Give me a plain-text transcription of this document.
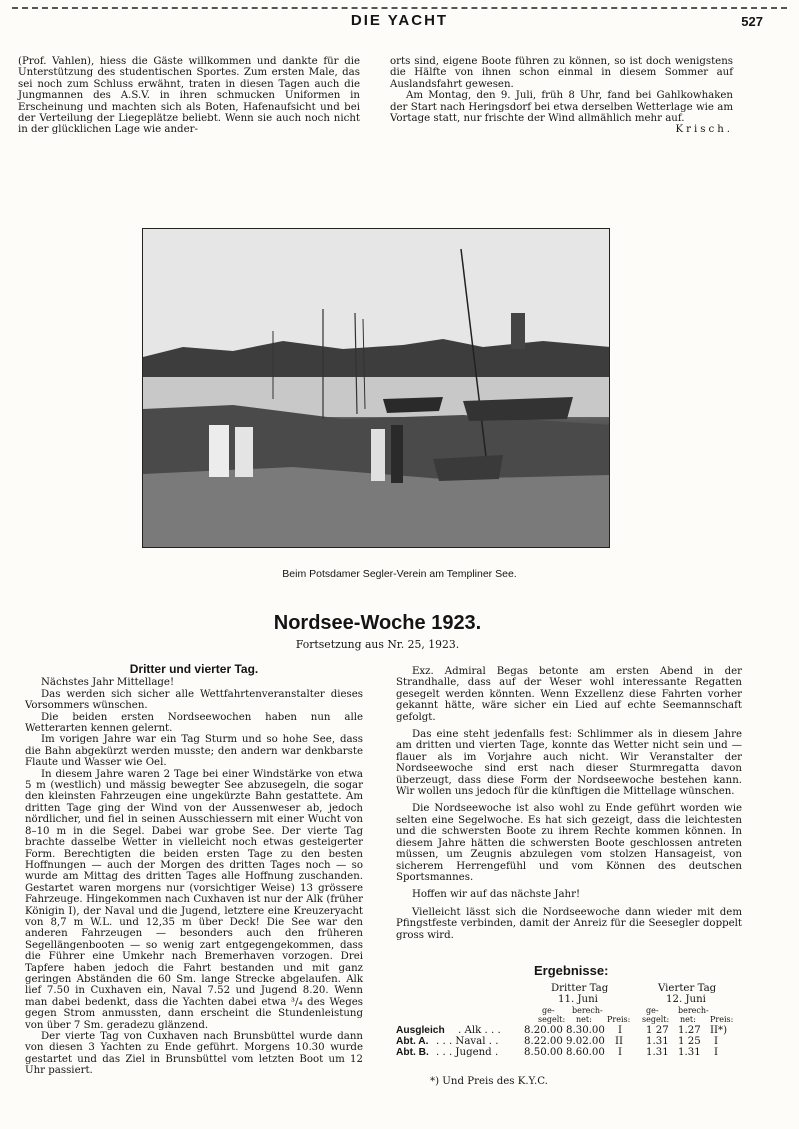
DIE YACHT	527

(Prof. Vahlen), hiess die Gäste willkommen und dankte für die Unterstützung des studentischen Sportes. Zum ersten Male, das sei noch zum Schluss erwähnt, traten in diesen Tagen auch die Jungmannen des A.S.V. in ihren schmucken Uniformen in Erscheinung und machten sich als Boten, Hafenaufsicht und bei der Verteilung der Liegeplätze beliebt. Wenn sie auch noch nicht in der glücklichen Lage wie ander-

orts sind, eigene Boote führen zu können, so ist doch wenigstens die Hälfte von ihnen schon einmal in diesem Sommer auf Auslandsfahrt gewesen.

Am Montag, den 9. Juli, früh 8 Uhr, fand bei Gahlkowhaken der Start nach Heringsdorf bei etwa derselben Wetterlage wie am Vortage statt, nur frischte der Wind allmählich mehr auf.

Krisch.

Beim Potsdamer Segler-Verein am Templiner See.
Nordsee-Woche 1923.
Fortsetzung aus Nr. 25, 1923.
Dritter und vierter Tag.

Nächstes Jahr Mittellage!

Das werden sich sicher alle Wettfahrtenveranstalter dieses Vorsommers wünschen.

Die beiden ersten Nordseewochen haben nun alle Wetterarten kennen gelernt.

Im vorigen Jahre war ein Tag Sturm und so hohe See, dass die Bahn abgekürzt werden musste; den andern war denkbarste Flaute und Wasser wie Oel.

In diesem Jahre waren 2 Tage bei einer Windstärke von etwa 5 m (westlich) und mässig bewegter See abzusegeln, die sogar den kleinsten Fahrzeugen eine ungekürzte Bahn gestattete. Am dritten Tage ging der Wind von der Aussenweser ab, jedoch nördlicher, und fiel in seinen Ausschiessern mit einer Wucht von 8–10 m in die Segel. Dabei war grobe See. Der vierte Tag brachte dasselbe Wetter in vielleicht noch etwas gesteigerter Form. Berechtigten die beiden ersten Tage zu den besten Hoffnungen — auch der Morgen des dritten Tages noch — so wurde am Mittag des dritten Tages alle Hoffnung zuschanden. Gestartet waren morgens nur (vorsichtiger Weise) 13 grössere Fahrzeuge. Hingekommen nach Cuxhaven ist nur der Alk (früher Königin I), der Naval und die Jugend, letztere eine Kreuzeryacht von 8,7 m W.L. und 12,35 m über Deck! Die See war den anderen Fahrzeugen — besonders auch den früheren Segellängenbooten — so wenig zart entgegengekommen, dass die Führer eine Umkehr nach Bremerhaven vorzogen. Drei Tapfere haben jedoch die Fahrt bestanden und mit ganz geringen Abständen die 60 Sm. lange Strecke abgelaufen. Alk lief 7.50 in Cuxhaven ein, Naval 7.52 und Jugend 8.20. Wenn man dabei bedenkt, dass die Yachten dabei etwa ³/₄ des Weges gegen Strom anmussten, dann erscheint die Stundenleistung von über 7 Sm. geradezu glänzend.

Der vierte Tag von Cuxhaven nach Brunsbüttel wurde dann von diesen 3 Yachten zu Ende geführt. Morgens 10.30 wurde gestartet und das Ziel in Brunsbüttel vom letzten Boot um 12 Uhr passiert.

Exz. Admiral Begas betonte am ersten Abend in der Strandhalle, dass auf der Weser wohl interessante Regatten gesegelt werden könnten. Wenn Exzellenz diese Fahrten vorher gekannt hätte, wäre sicher ein Lied auf echte Seemannschaft gefolgt.

Das eine steht jedenfalls fest: Schlimmer als in diesem Jahre am dritten und vierten Tage, konnte das Wetter nicht sein und — flauer als im Vorjahre auch nicht. Wir Veranstalter der Nordseewoche sind erst nach dieser Sturmregatta davon überzeugt, dass diese Form der Nordseewoche bestehen kann. Wir wollen uns jedoch für die künftigen die Mittellage wünschen.

Die Nordseewoche ist also wohl zu Ende geführt worden wie selten eine Segelwoche. Es hat sich gezeigt, dass die leichtesten und die schwersten Boote zu ihrem Rechte kommen können. In diesem Jahre hätten die schwersten Boote geschlossen antreten müssen, um Zeugnis abzulegen vom stolzen Hansageist, von sicherem Herrengefühl und vom Können des deutschen Sportsmannes.

Hoffen wir auf das nächste Jahr!

Vielleicht lässt sich die Nordseewoche dann wieder mit dem Pfingstfeste verbinden, damit der Anreiz für die Seesegler doppelt gross wird.

Ergebnisse:
Dritter Tag	Vierter Tag
11. Juni	12. Juni
ge- berech-	ge- berech-
segelt: net: Preis: segelt: net: Preis:
Ausgleich . Alk . . . 8.20.00 8.30.00 I 1 27 1.27 II*)
Abt. A. . . . Naval . .	8.22.00 9.02.00 II 1.31 1 25 I
Abt. B. . . . Jugend .	8.50.00 8.60.00 I 1.31 1.31 I
*) Und Preis des K.Y.C.
